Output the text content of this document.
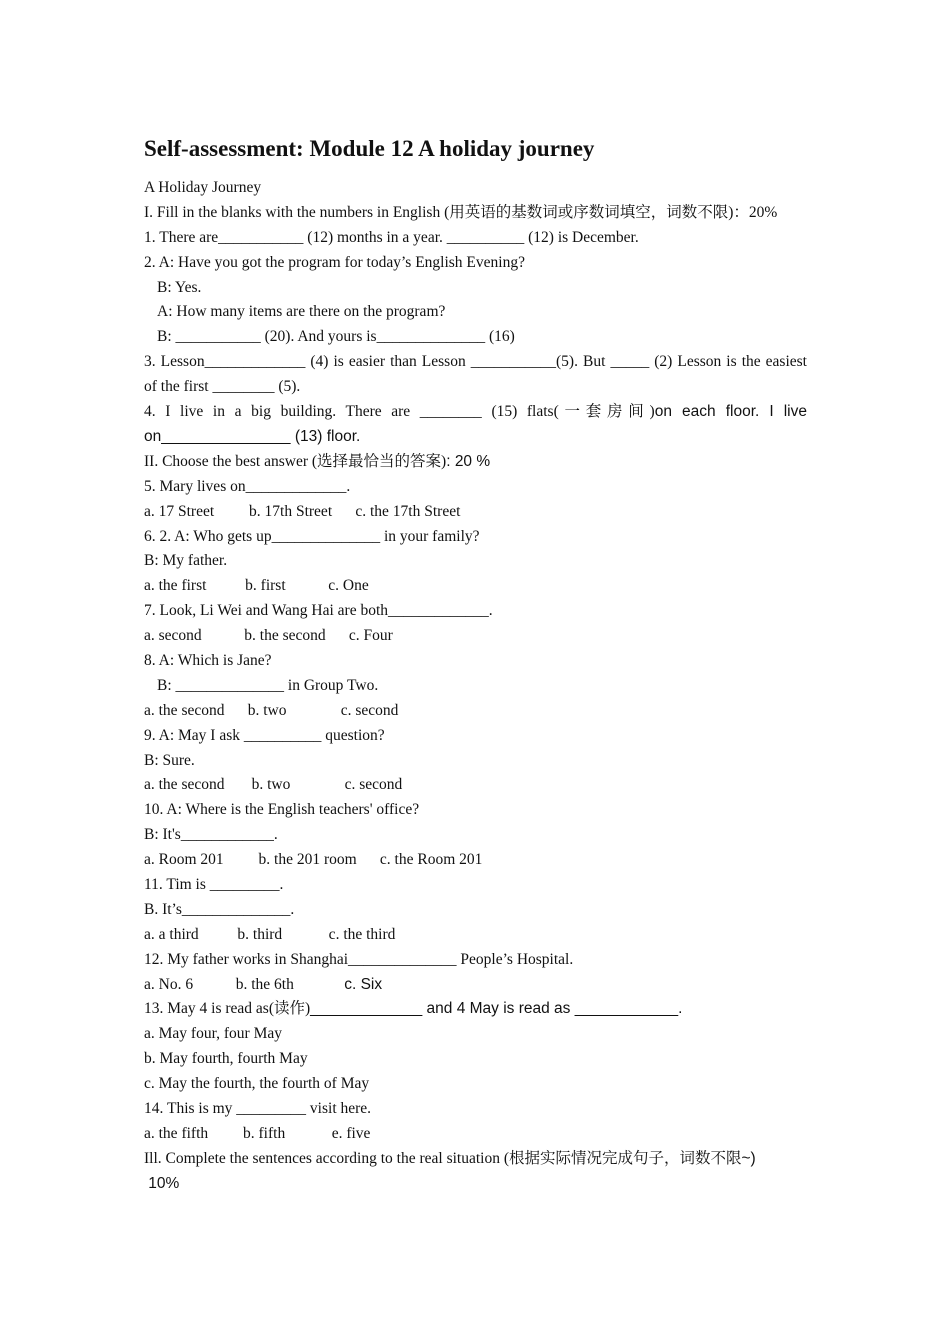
Self-assessment: Module 12 A holiday journey
A Holiday Journey
I. Fill in the blanks with the numbers in English (用英语的基数词或序数词填空，词数不限)：20%
1. There are___________ (12) months in a year. __________ (12) is December.
2. A: Have you got the program for today’s English Evening?
B: Yes.
A: How many items are there on the program?
B: ___________ (20). And yours is______________ (16)
3. Lesson_____________ (4) is easier than Lesson ___________(5). But _____ (2) Lesson is the easiest of the first ________ (5).
4. I live in a big building. There are ________ (15) flats(一套房间)on each floor. I live on_______________ (13) floor.
II. Choose the best answer (选择最恰当的答案): 20 %
5. Mary lives on_____________.
a. 17 Street         b. 17th Street      c. the 17th Street
6. 2. A: Who gets up______________ in your family?
B: My father.
a. the first          b. first           c. One
7. Look, Li Wei and Wang Hai are both_____________.
a. second           b. the second      c. Four
8. A: Which is Jane?
B: ______________ in Group Two.
a. the second      b. two              c. second
9. A: May I ask __________ question?
B: Sure.
a. the second       b. two              c. second
10. A: Where is the English teachers' office?
B: It's____________.
a. Room 201         b. the 201 room      c. the Room 201
11. Tim is _________.
B. It’s______________.
a. a third          b. third            c. the third
12. My father works in Shanghai______________ People’s Hospital.
a. No. 6           b. the 6th             c. Six
13. May 4 is read as(读作)_____________ and 4 May is read as ____________.
a. May four, four May
b. May fourth, fourth May
c. May the fourth, the fourth of May
14. This is my _________ visit here.
a. the fifth         b. fifth            e. five
Ill. Complete the sentences according to the real situation (根据实际情况完成句子，词数不限~)
10%
